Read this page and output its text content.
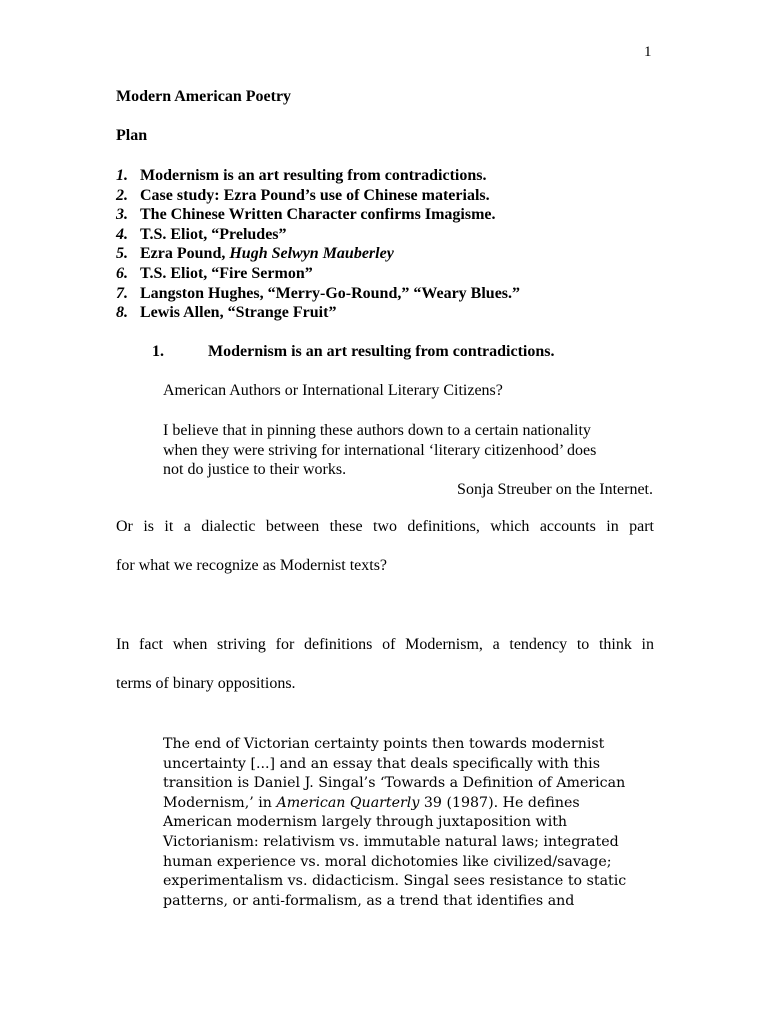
1
Modern American Poetry
Plan
1. Modernism is an art resulting from contradictions.
2. Case study: Ezra Pound’s use of Chinese materials.
3. The Chinese Written Character confirms Imagisme.
4. T.S. Eliot, “Preludes”
5. Ezra Pound, Hugh Selwyn Mauberley
6. T.S. Eliot, “Fire Sermon”
7. Langston Hughes, “Merry-Go-Round,” “Weary Blues.”
8. Lewis Allen, “Strange Fruit”
1.	Modernism is an art resulting from contradictions.
American Authors or International Literary Citizens?
I believe that in pinning these authors down to a certain nationality
when they were striving for international ‘literary citizenhood’ does
not do justice to their works.
Sonja Streuber on the Internet.
Or is it a dialectic between these two definitions, which accounts in part
for what we recognize as Modernist texts?
In fact when striving for definitions of Modernism, a tendency to think in
terms of binary oppositions.
The end of Victorian certainty points then towards modernist
uncertainty [...] and an essay that deals specifically with this
transition is Daniel J. Singal’s ‘Towards a Definition of American
Modernism,’ in American Quarterly 39 (1987). He defines
American modernism largely through juxtaposition with
Victorianism: relativism vs. immutable natural laws; integrated
human experience vs. moral dichotomies like civilized/savage;
experimentalism vs. didacticism. Singal sees resistance to static
patterns, or anti-formalism, as a trend that identifies and
